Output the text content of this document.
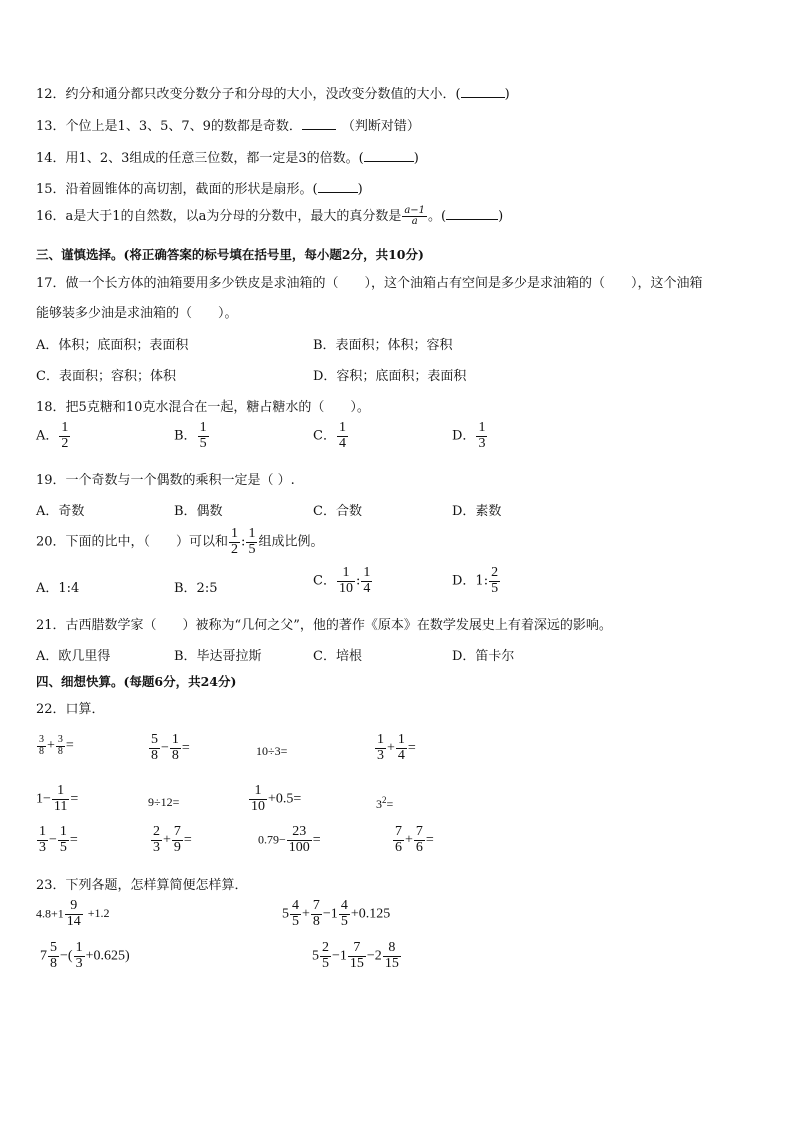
12．约分和通分都只改变分数分子和分母的大小，没改变分数值的大小．(	)
13．个位上是1、3、5、7、9的数都是奇数．	（判断对错）
14．用1、2、3组成的任意三位数，都一定是3的倍数。(	)
15．沿着圆锥体的高切割，截面的形状是扇形。(	)
16．a是大于1的自然数，以a为分母的分数中，最大的真分数是 $\frac{a-1}{a}$ 。(	)
三、谨慎选择。(将正确答案的标号填在括号里，每小题2分，共10分)
17．做一个长方体的油箱要用多少铁皮是求油箱的（　　），这个油箱占有空间是多少是求油箱的（　　），这个油箱
能够装多少油是求油箱的（　　）。
A．体积；底面积；表面积	B．表面积；体积；容积
C．表面积；容积；体积	D．容积；底面积；表面积
18．把5克糖和10克水混合在一起，糖占糖水的（　　）。
A． $\frac{1}{2}$	B． $\frac{1}{5}$	C． $\frac{1}{4}$	D． $\frac{1}{3}$
19．一个奇数与一个偶数的乘积一定是（ ）.
A．奇数	B．偶数	C．合数	D．素数
20．下面的比中，（　　）可以和 $\frac{1}{2}$ : $\frac{1}{5}$ 组成比例。
A．1:4	B．2:5	C． $\frac{1}{10}$ : $\frac{1}{4}$	D．1: $\frac{2}{5}$
21．古西腊数学家（　　）被称为“几何之父”，他的著作《原本》在数学发展史上有着深远的影响。
A．欧几里得	B．毕达哥拉斯	C．培根	D．笛卡尔
四、细想快算。(每题6分，共24分)
22．口算．
$\frac{3}{8} + \frac{3}{8}$ =	$\frac{5}{8} - \frac{1}{8}$ =	10÷3=	$\frac{1}{3} + \frac{1}{4}$ =
$1- \frac{1}{11}$ =	9÷12=	$\frac{1}{10} +0.5=$	$3^2=$
$\frac{1}{3} - \frac{1}{5}$ =	$\frac{2}{3} + \frac{7}{9}$ =	$0.79- \frac{23}{100}$ =	$\frac{7}{6} + \frac{7}{6}$ =
23．下列各题，怎样算简便怎样算．
$4.8+1 \frac{9}{14} +1.2$	$5 \frac{4}{5} + \frac{7}{8} -1 \frac{4}{5} +0.125$
$7 \frac{5}{8}$ −( $\frac{1}{3} +0.625$)	$5 \frac{2}{5} -1 \frac{7}{15} -2 \frac{8}{15}$
